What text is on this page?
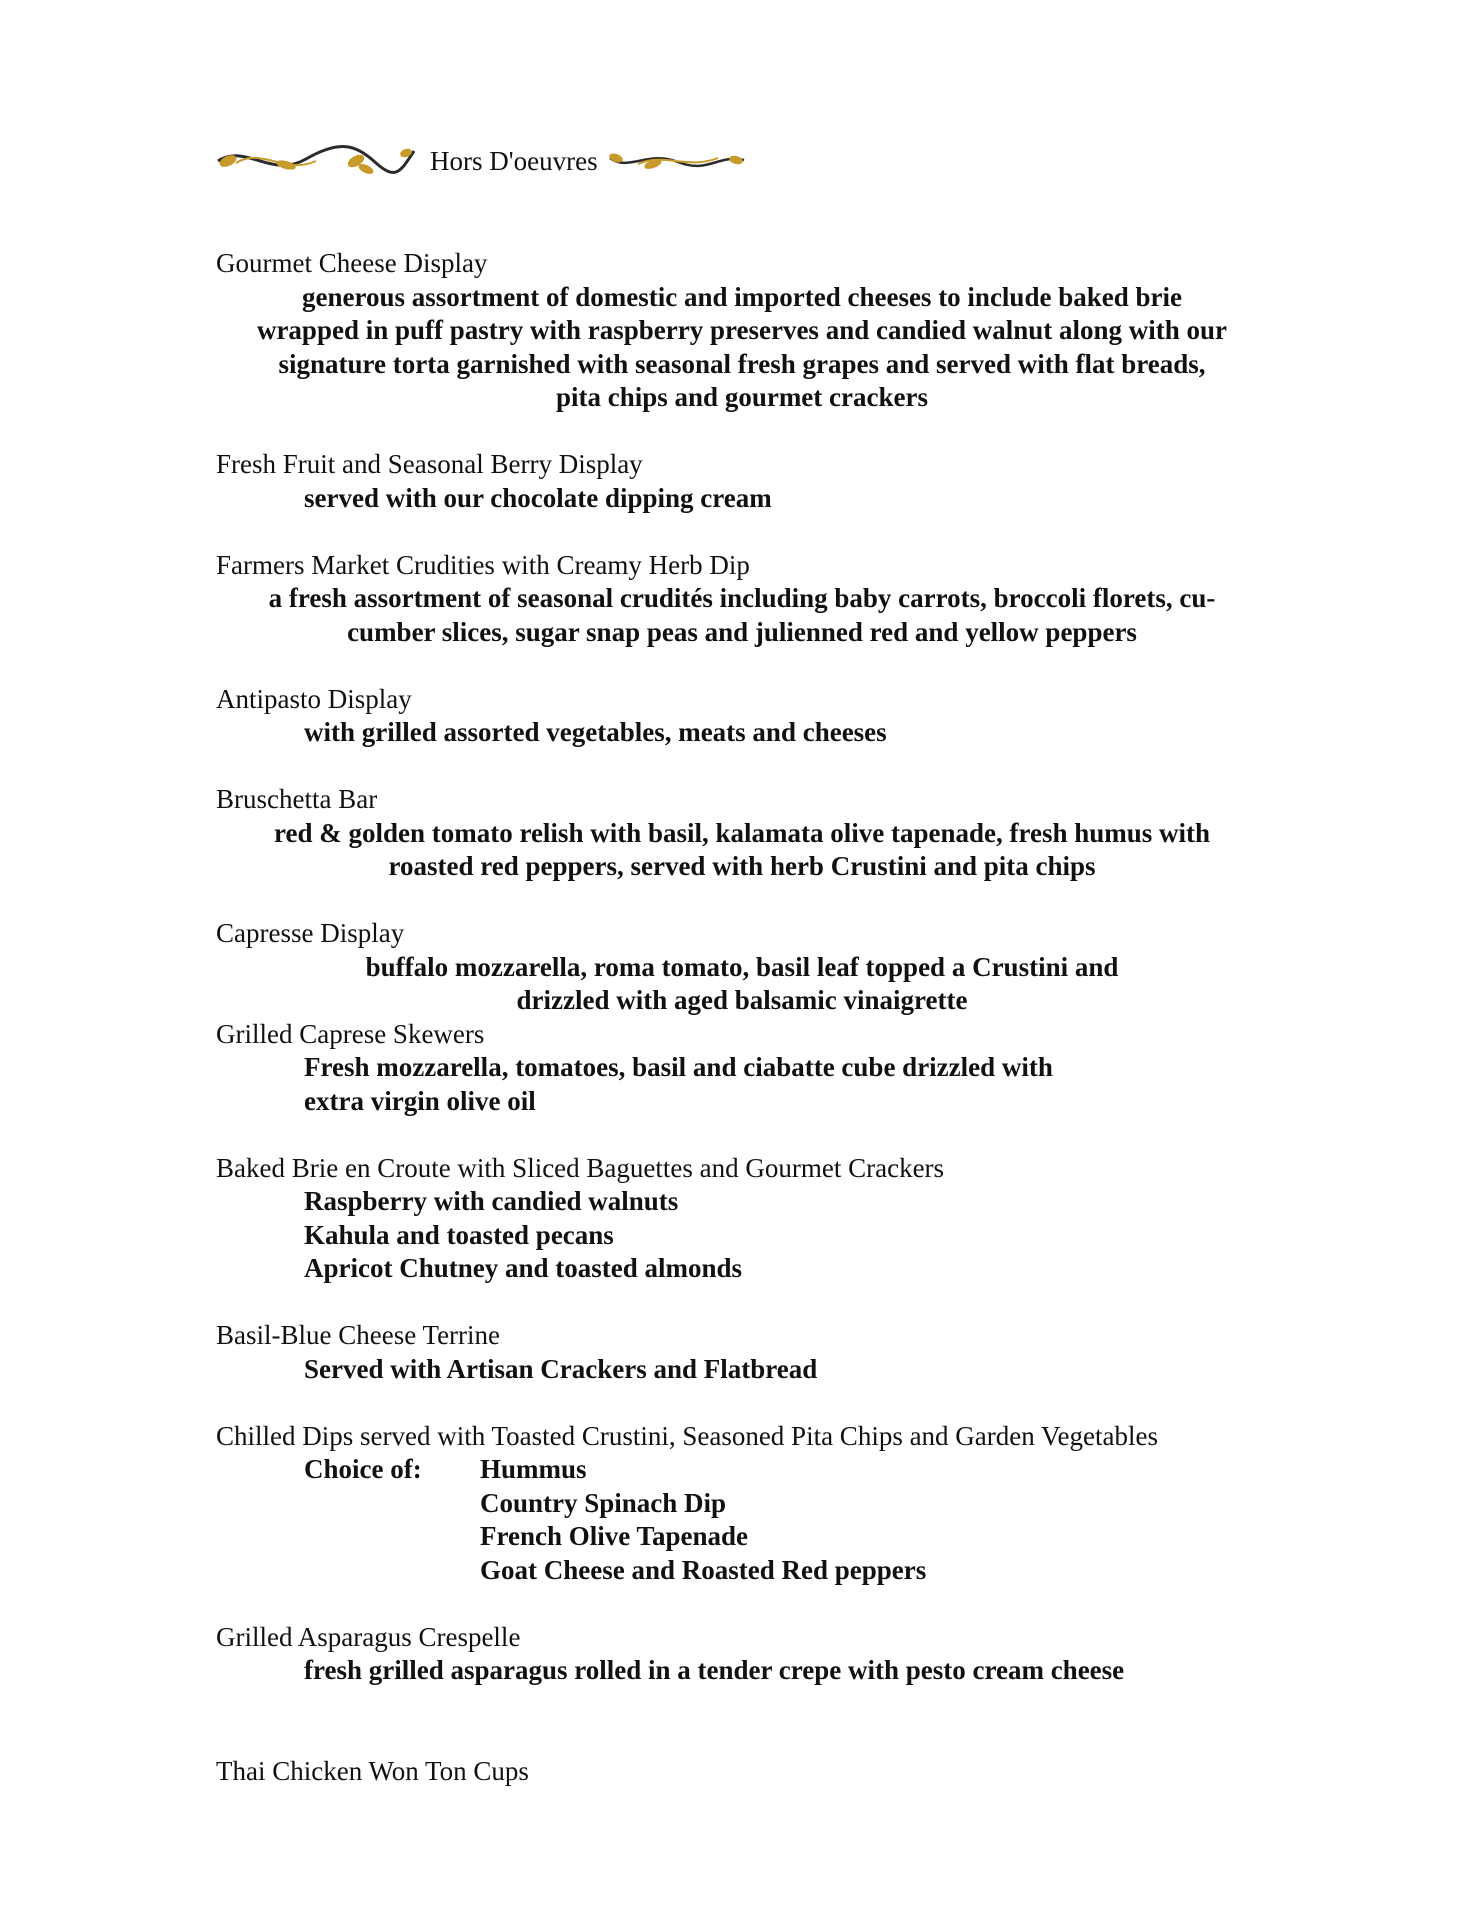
Hors D'oeuvres
Gourmet Cheese Display
generous assortment of domestic and imported cheeses to include baked brie
wrapped in puff pastry with raspberry preserves and candied walnut along with our
signature torta garnished with seasonal fresh grapes and served with flat breads,
pita chips and gourmet crackers
Fresh Fruit and Seasonal Berry Display
served with our chocolate dipping cream
Farmers Market Crudities with Creamy Herb Dip
a fresh assortment of seasonal crudités including baby carrots, broccoli florets, cu-
cumber slices, sugar snap peas and julienned red and yellow peppers
Antipasto Display
with grilled assorted vegetables, meats and cheeses
Bruschetta Bar
red & golden tomato relish with basil, kalamata olive tapenade, fresh humus with
roasted red peppers, served with herb Crustini and pita chips
Capresse Display
buffalo mozzarella, roma tomato, basil leaf topped a Crustini and
drizzled with aged balsamic vinaigrette
Grilled Caprese Skewers
Fresh mozzarella, tomatoes, basil and ciabatte cube drizzled with
extra virgin olive oil
Baked Brie en Croute with Sliced Baguettes and Gourmet Crackers
Raspberry with candied walnuts
Kahula and toasted pecans
Apricot Chutney and toasted almonds
Basil-Blue Cheese Terrine
Served with Artisan Crackers and Flatbread
Chilled Dips served with Toasted Crustini, Seasoned Pita Chips and Garden Vegetables
Choice of:	Hummus
Country Spinach Dip
French Olive Tapenade
Goat Cheese and Roasted Red peppers
Grilled Asparagus Crespelle
fresh grilled asparagus rolled in a tender crepe with pesto cream cheese
Thai Chicken Won Ton Cups
